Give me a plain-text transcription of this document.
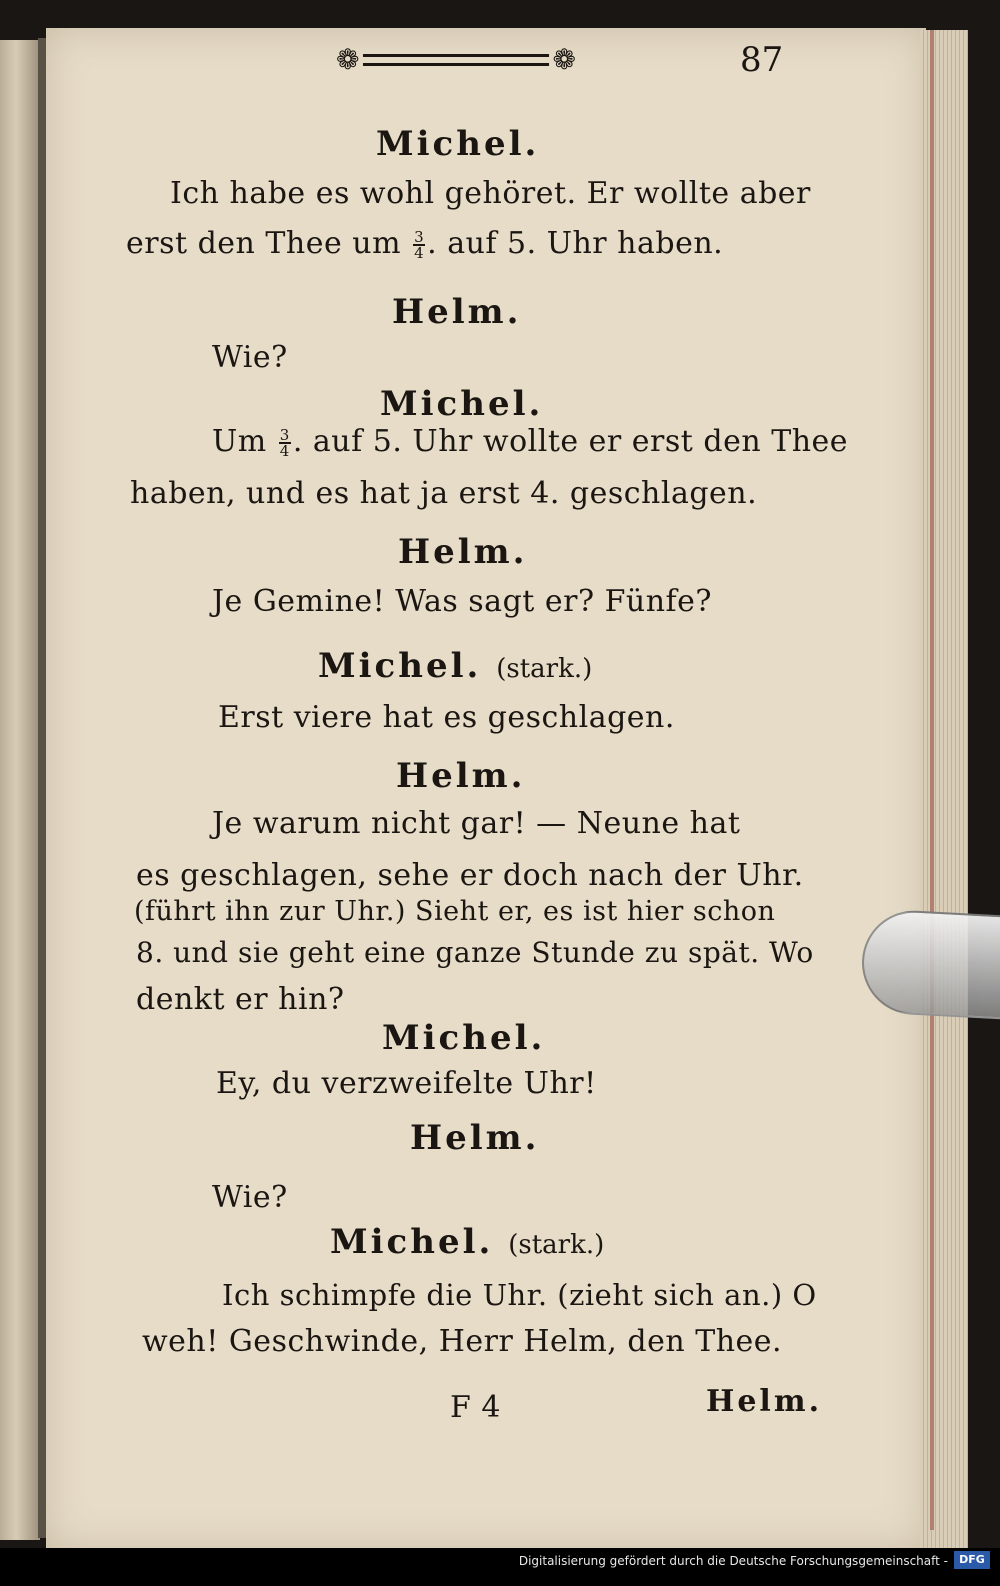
❁	❁	87
Michel.
Ich habe es wohl gehöret. Er wollte aber
erst den Thee um $\frac{3}{4}$ . auf 5. Uhr haben.
Helm.
Wie?
Michel.
Um $\frac{3}{4}$ . auf 5. Uhr wollte er erst den Thee
haben, und es hat ja erst 4. geschlagen.
Helm.
Je Gemine! Was sagt er? Fünfe?
Michel. (stark.)
Erst viere hat es geschlagen.
Helm.
Je warum nicht gar! — Neune hat
es geschlagen, sehe er doch nach der Uhr.
(führt ihn zur Uhr.) Sieht er, es ist hier schon
8. und sie geht eine ganze Stunde zu spät. Wo
denkt er hin?
Michel.
Ey, du verzweifelte Uhr!
Helm.
Wie?
Michel. (stark.)
Ich schimpfe die Uhr. (zieht sich an.) O
weh! Geschwinde, Herr Helm, den Thee.
F 4	Helm.
Digitalisierung gefördert durch die Deutsche Forschungsgemeinschaft -	DFG
